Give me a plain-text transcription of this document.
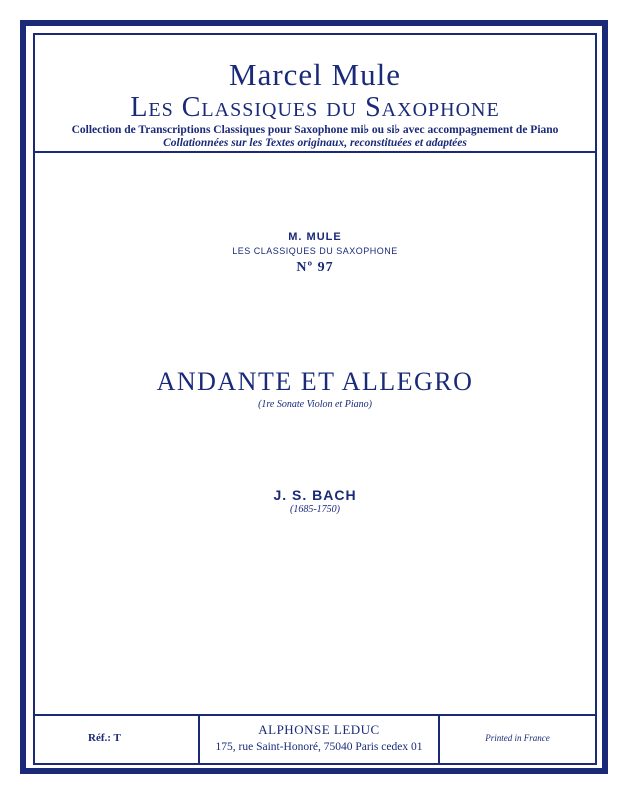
Marcel Mule
Les Classiques du Saxophone
Collection de Transcriptions Classiques pour Saxophone mi♭ ou si♭ avec accompagnement de Piano
Collationnées sur les Textes originaux, reconstituées et adaptées
M. MULE
LES CLASSIQUES DU SAXOPHONE
Nº 97
ANDANTE ET ALLEGRO
(1re Sonate Violon et Piano)
J. S. BACH
(1685-1750)
Réf.: T
ALPHONSE LEDUC
175, rue Saint-Honoré, 75040 Paris cedex 01
Printed in France
